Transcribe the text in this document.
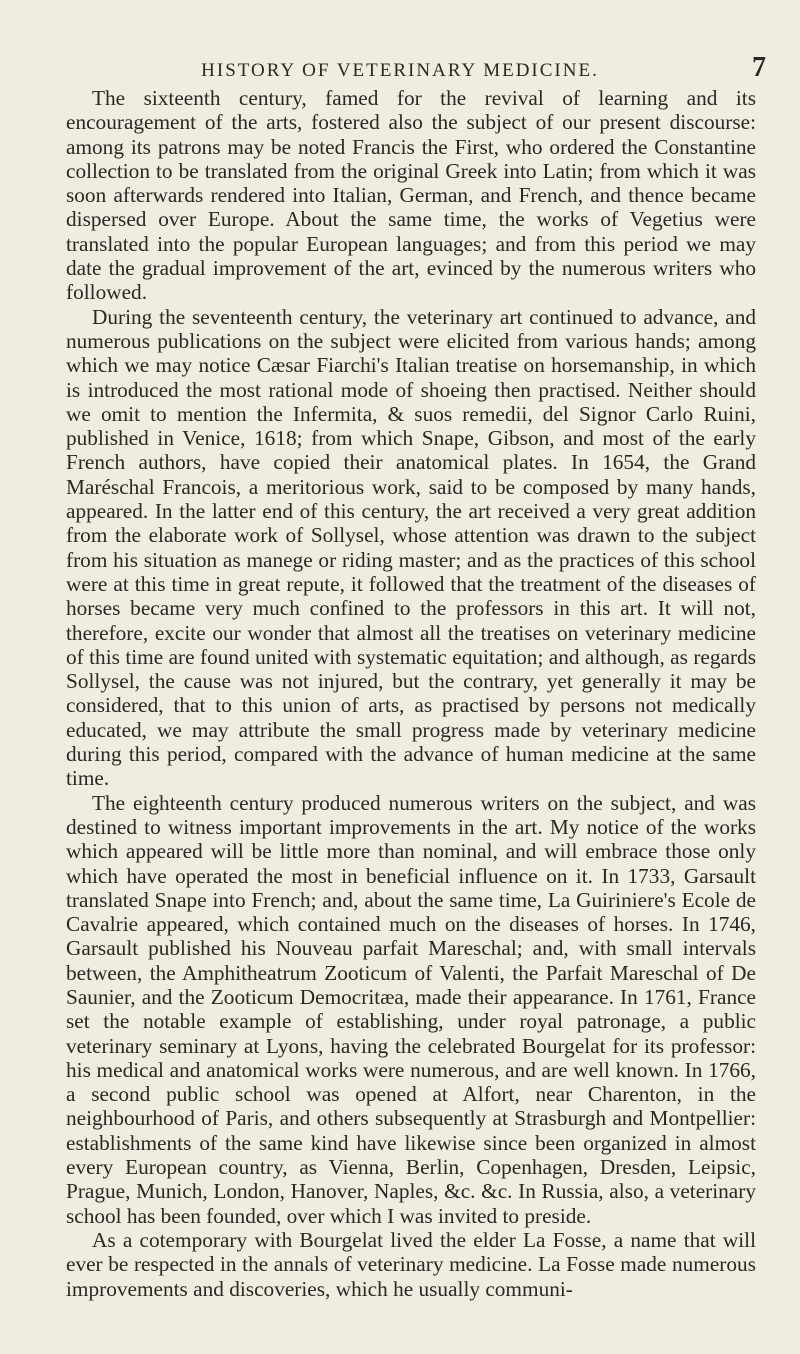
HISTORY OF VETERINARY MEDICINE.	7

The sixteenth century, famed for the revival of learning and its encouragement of the arts, fostered also the subject of our present discourse: among its patrons may be noted Francis the First, who ordered the Constantine collection to be translated from the original Greek into Latin; from which it was soon afterwards rendered into Italian, German, and French, and thence became dispersed over Europe. About the same time, the works of Vegetius were translated into the popular European languages; and from this period we may date the gradual improvement of the art, evinced by the numerous writers who followed.

During the seventeenth century, the veterinary art continued to advance, and numerous publications on the subject were elicited from various hands; among which we may notice Cæsar Fiarchi's Italian treatise on horsemanship, in which is introduced the most rational mode of shoeing then practised. Neither should we omit to mention the Infermita, & suos remedii, del Signor Carlo Ruini, published in Venice, 1618; from which Snape, Gibson, and most of the early French authors, have copied their anatomical plates. In 1654, the Grand Maréschal Francois, a meritorious work, said to be composed by many hands, appeared. In the latter end of this century, the art received a very great addition from the elaborate work of Sollysel, whose attention was drawn to the subject from his situation as manege or riding master; and as the practices of this school were at this time in great repute, it followed that the treatment of the diseases of horses became very much confined to the professors in this art. It will not, therefore, excite our wonder that almost all the treatises on veterinary medicine of this time are found united with systematic equitation; and although, as regards Sollysel, the cause was not injured, but the contrary, yet generally it may be considered, that to this union of arts, as practised by persons not medically educated, we may attribute the small progress made by veterinary medicine during this period, compared with the advance of human medicine at the same time.

The eighteenth century produced numerous writers on the subject, and was destined to witness important improvements in the art. My notice of the works which appeared will be little more than nominal, and will embrace those only which have operated the most in beneficial influence on it. In 1733, Garsault translated Snape into French; and, about the same time, La Guiriniere's Ecole de Cavalrie appeared, which contained much on the diseases of horses. In 1746, Garsault published his Nouveau parfait Mareschal; and, with small intervals between, the Amphitheatrum Zooticum of Valenti, the Parfait Mareschal of De Saunier, and the Zooticum Democritæa, made their appearance. In 1761, France set the notable example of establishing, under royal patronage, a public veterinary seminary at Lyons, having the celebrated Bourgelat for its professor: his medical and anatomical works were numerous, and are well known. In 1766, a second public school was opened at Alfort, near Charenton, in the neighbourhood of Paris, and others subsequently at Strasburgh and Montpellier: establishments of the same kind have likewise since been organized in almost every European country, as Vienna, Berlin, Copenhagen, Dresden, Leipsic, Prague, Munich, London, Hanover, Naples, &c. &c. In Russia, also, a veterinary school has been founded, over which I was invited to preside.

As a cotemporary with Bourgelat lived the elder La Fosse, a name that will ever be respected in the annals of veterinary medicine. La Fosse made numerous improvements and discoveries, which he usually communi-
